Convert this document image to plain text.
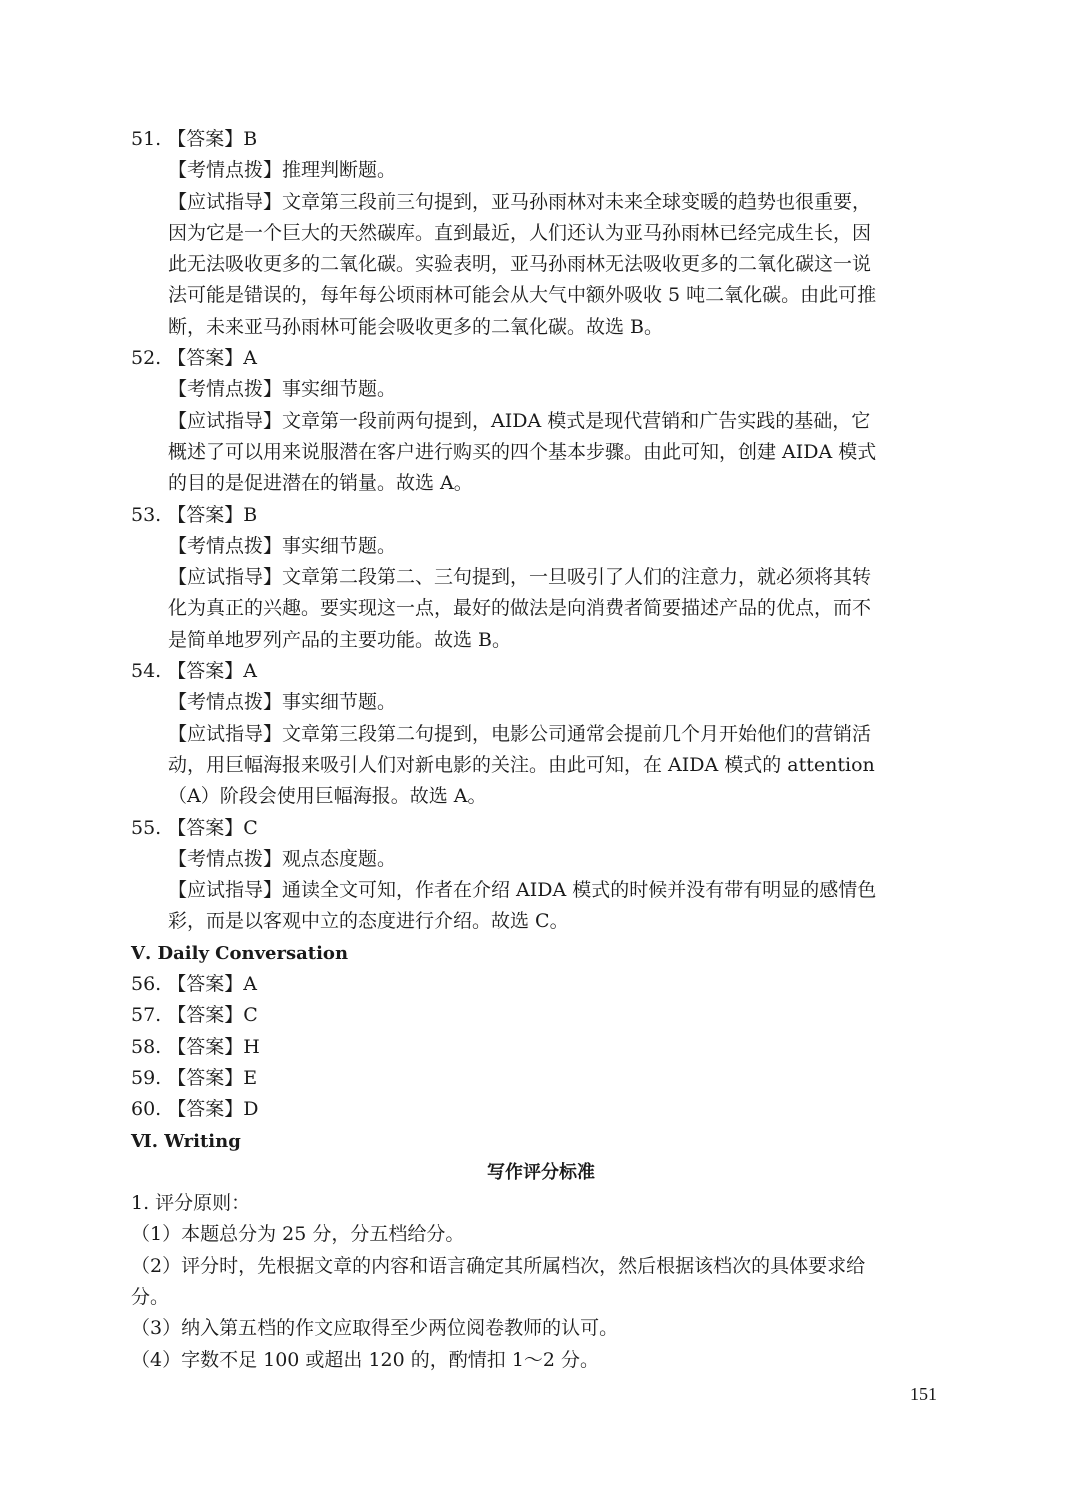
51. 【答案】B
【考情点拨】推理判断题。
【应试指导】文章第三段前三句提到，亚马孙雨林对未来全球变暖的趋势也很重要，
因为它是一个巨大的天然碳库。直到最近，人们还认为亚马孙雨林已经完成生长，因
此无法吸收更多的二氧化碳。实验表明，亚马孙雨林无法吸收更多的二氧化碳这一说
法可能是错误的，每年每公顷雨林可能会从大气中额外吸收 5 吨二氧化碳。由此可推
断，未来亚马孙雨林可能会吸收更多的二氧化碳。故选 B。
52. 【答案】A
【考情点拨】事实细节题。
【应试指导】文章第一段前两句提到，AIDA 模式是现代营销和广告实践的基础，它
概述了可以用来说服潜在客户进行购买的四个基本步骤。由此可知，创建 AIDA 模式
的目的是促进潜在的销量。故选 A。
53. 【答案】B
【考情点拨】事实细节题。
【应试指导】文章第二段第二、三句提到，一旦吸引了人们的注意力，就必须将其转
化为真正的兴趣。要实现这一点，最好的做法是向消费者简要描述产品的优点，而不
是简单地罗列产品的主要功能。故选 B。
54. 【答案】A
【考情点拨】事实细节题。
【应试指导】文章第三段第二句提到，电影公司通常会提前几个月开始他们的营销活
动，用巨幅海报来吸引人们对新电影的关注。由此可知，在 AIDA 模式的 attention
（A）阶段会使用巨幅海报。故选 A。
55. 【答案】C
【考情点拨】观点态度题。
【应试指导】通读全文可知，作者在介绍 AIDA 模式的时候并没有带有明显的感情色
彩，而是以客观中立的态度进行介绍。故选 C。
Ⅴ. Daily Conversation
56. 【答案】A
57. 【答案】C
58. 【答案】H
59. 【答案】E
60. 【答案】D
Ⅵ. Writing
写作评分标准
1. 评分原则：
（1）本题总分为 25 分，分五档给分。
（2）评分时，先根据文章的内容和语言确定其所属档次，然后根据该档次的具体要求给
分。
（3）纳入第五档的作文应取得至少两位阅卷教师的认可。
（4）字数不足 100 或超出 120 的，酌情扣 1～2 分。
151
